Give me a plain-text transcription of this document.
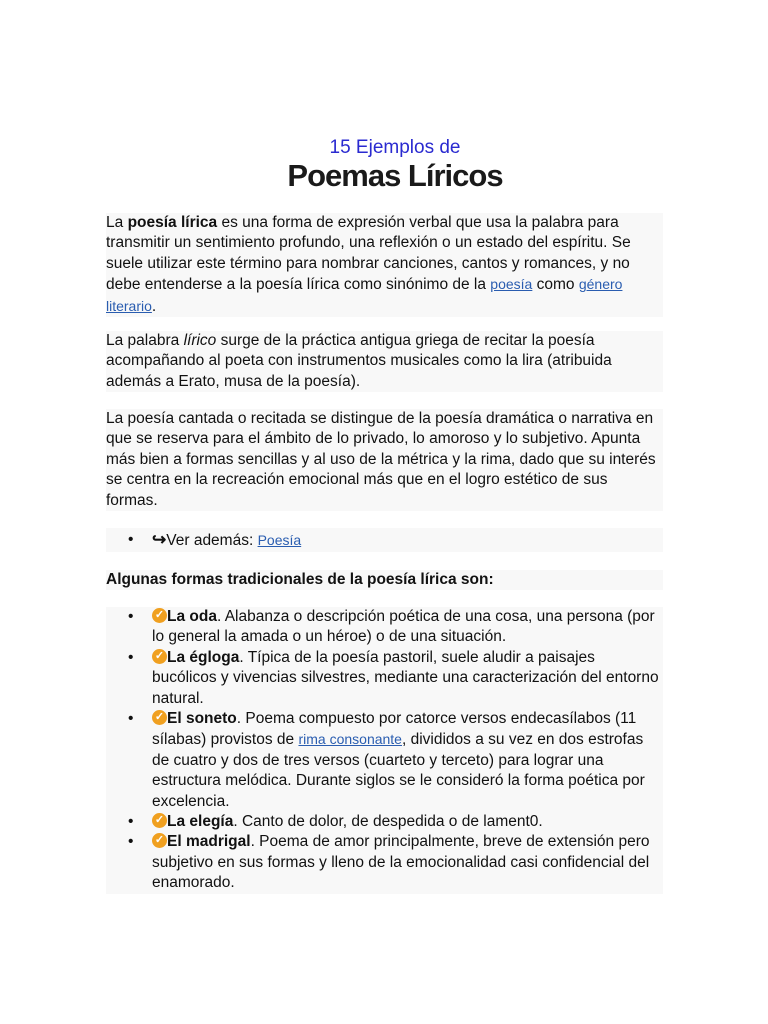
15 Ejemplos de
Poemas Líricos

La poesía lírica es una forma de expresión verbal que usa la palabra para transmitir un sentimiento profundo, una reflexión o un estado del espíritu. Se suele utilizar este término para nombrar canciones, cantos y romances, y no debe entenderse a la poesía lírica como sinónimo de la poesía como género literario.

La palabra lírico surge de la práctica antigua griega de recitar la poesía acompañando al poeta con instrumentos musicales como la lira (atribuida además a Erato, musa de la poesía).

La poesía cantada o recitada se distingue de la poesía dramática o narrativa en que se reserva para el ámbito de lo privado, lo amoroso y lo subjetivo. Apunta más bien a formas sencillas y al uso de la métrica y la rima, dado que su interés se centra en la recreación emocional más que en el logro estético de sus formas.

• ↪Ver además: Poesía

Algunas formas tradicionales de la poesía lírica son:

• ✓ La oda. Alabanza o descripción poética de una cosa, una persona (por lo general la amada o un héroe) o de una situación.
• ✓ La égloga. Típica de la poesía pastoril, suele aludir a paisajes bucólicos y vivencias silvestres, mediante una caracterización del entorno natural.
• ✓ El soneto. Poema compuesto por catorce versos endecasílabos (11 sílabas) provistos de rima consonante, divididos a su vez en dos estrofas de cuatro y dos de tres versos (cuarteto y terceto) para lograr una estructura melódica. Durante siglos se le consideró la forma poética por excelencia.
• ✓ La elegía. Canto de dolor, de despedida o de lament0.
• ✓ El madrigal. Poema de amor principalmente, breve de extensión pero subjetivo en sus formas y lleno de la emocionalidad casi confidencial del enamorado.
